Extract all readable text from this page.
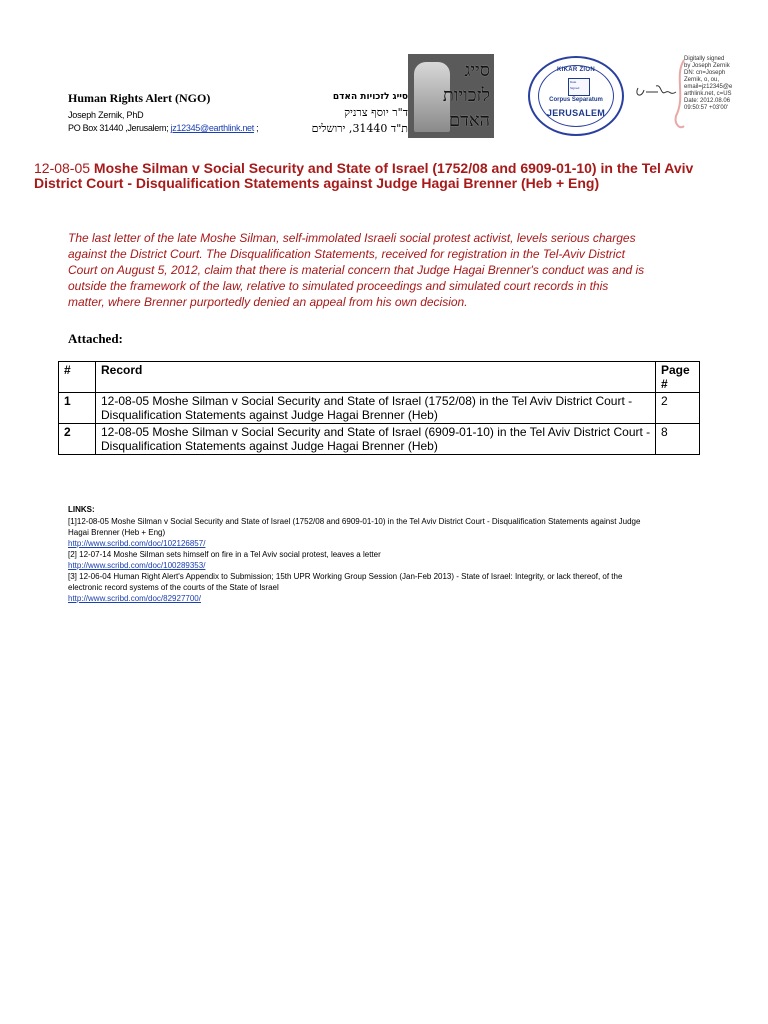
Human Rights Alert (NGO)
Joseph Zernik, PhD
PO Box 31440 ,Jerusalem; jz12345@earthlink.net ;
סייג לזכויות האדם
ד"ר יוסף צרניק
ת"ד 31440, ירושלים
סייג לזכויות האדם
KIKAR ZION
Date
Signed
Corpus Separatum
JERUSALEM
Digitally signed
by Joseph Zernik
DN: cn=Joseph
Zernik, o, ou,
email=jz12345@e
arthlink.net, c=US
Date: 2012.08.06
09:50:57 +03'00'
12-08-05 Moshe Silman v Social Security and State of Israel (1752/08 and 6909-01-10) in the Tel Aviv District Court - Disqualification Statements against Judge Hagai Brenner (Heb + Eng)
The last letter of the late Moshe Silman, self-immolated Israeli social protest activist, levels serious charges against the District Court. The Disqualification Statements, received for registration in the Tel-Aviv District Court on August 5, 2012, claim that there is material concern that Judge Hagai Brenner's conduct was and is outside the framework of the law, relative to simulated proceedings and simulated court records in this matter, where Brenner purportedly denied an appeal from his own decision.
Attached:
#	Record	Page #
1	12-08-05 Moshe Silman v Social Security and State of Israel (1752/08) in the Tel Aviv District Court - Disqualification Statements against Judge Hagai Brenner (Heb)	2
2	12-08-05 Moshe Silman v Social Security and State of Israel (6909-01-10) in the Tel Aviv District Court - Disqualification Statements against Judge Hagai Brenner (Heb)	8
LINKS:
[1]12-08-05 Moshe Silman v Social Security and State of Israel (1752/08 and 6909-01-10) in the Tel Aviv District Court - Disqualification Statements against Judge Hagai Brenner (Heb + Eng)
http://www.scribd.com/doc/102126857/
[2] 12-07-14 Moshe Silman sets himself on fire in a Tel Aviv social protest, leaves a letter
http://www.scribd.com/doc/100289353/
[3] 12-06-04 Human Right Alert's Appendix to Submission; 15th UPR Working Group Session (Jan-Feb 2013) - State of Israel: Integrity, or lack thereof, of the electronic record systems of the courts of the State of Israel
http://www.scribd.com/doc/82927700/
